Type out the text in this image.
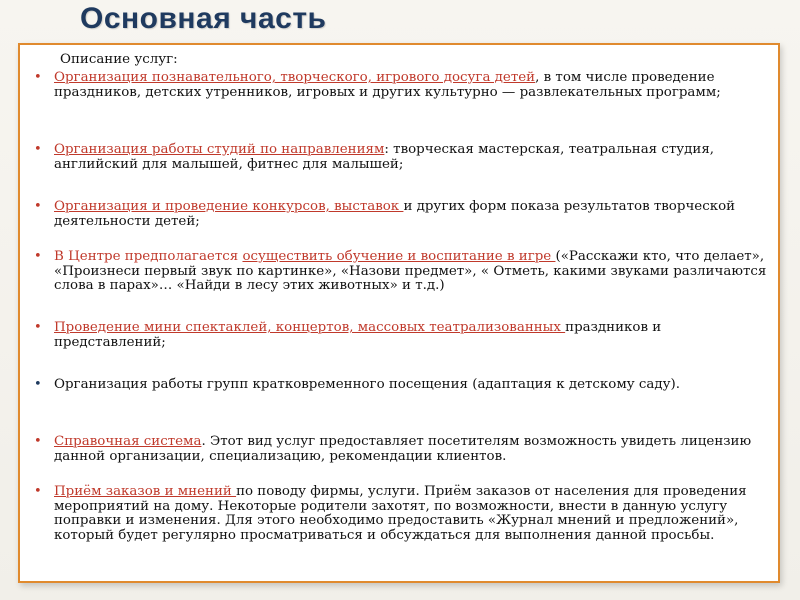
Основная часть
Описание услуг:
• Организация познавательного, творческого, игрового досуга детей, в том числе проведение праздников, детских утренников, игровых и других культурно — развлекательных программ;
• Организация работы студий по направлениям: творческая мастерская, театральная студия, английский для малышей, фитнес для малышей;
• Организация и проведение конкурсов, выставок и других форм показа результатов творческой деятельности детей;
• В Центре предполагается осуществить обучение и воспитание в игре («Расскажи кто, что делает», «Произнеси первый звук по картинке», «Назови предмет», « Отметь, какими звуками различаются слова в парах»… «Найди в лесу этих животных» и т.д.)
• Проведение мини спектаклей, концертов, массовых театрализованных праздников и представлений;
• Организация работы групп кратковременного посещения (адаптация к детскому саду).
• Справочная система. Этот вид услуг предоставляет посетителям возможность увидеть лицензию данной организации, специализацию, рекомендации клиентов.
• Приём заказов и мнений по поводу фирмы, услуги. Приём заказов от населения для проведения мероприятий на дому. Некоторые родители захотят, по возможности, внести в данную услугу поправки и изменения. Для этого необходимо предоставить «Журнал мнений и предложений», который будет регулярно просматриваться и обсуждаться для выполнения данной просьбы.
